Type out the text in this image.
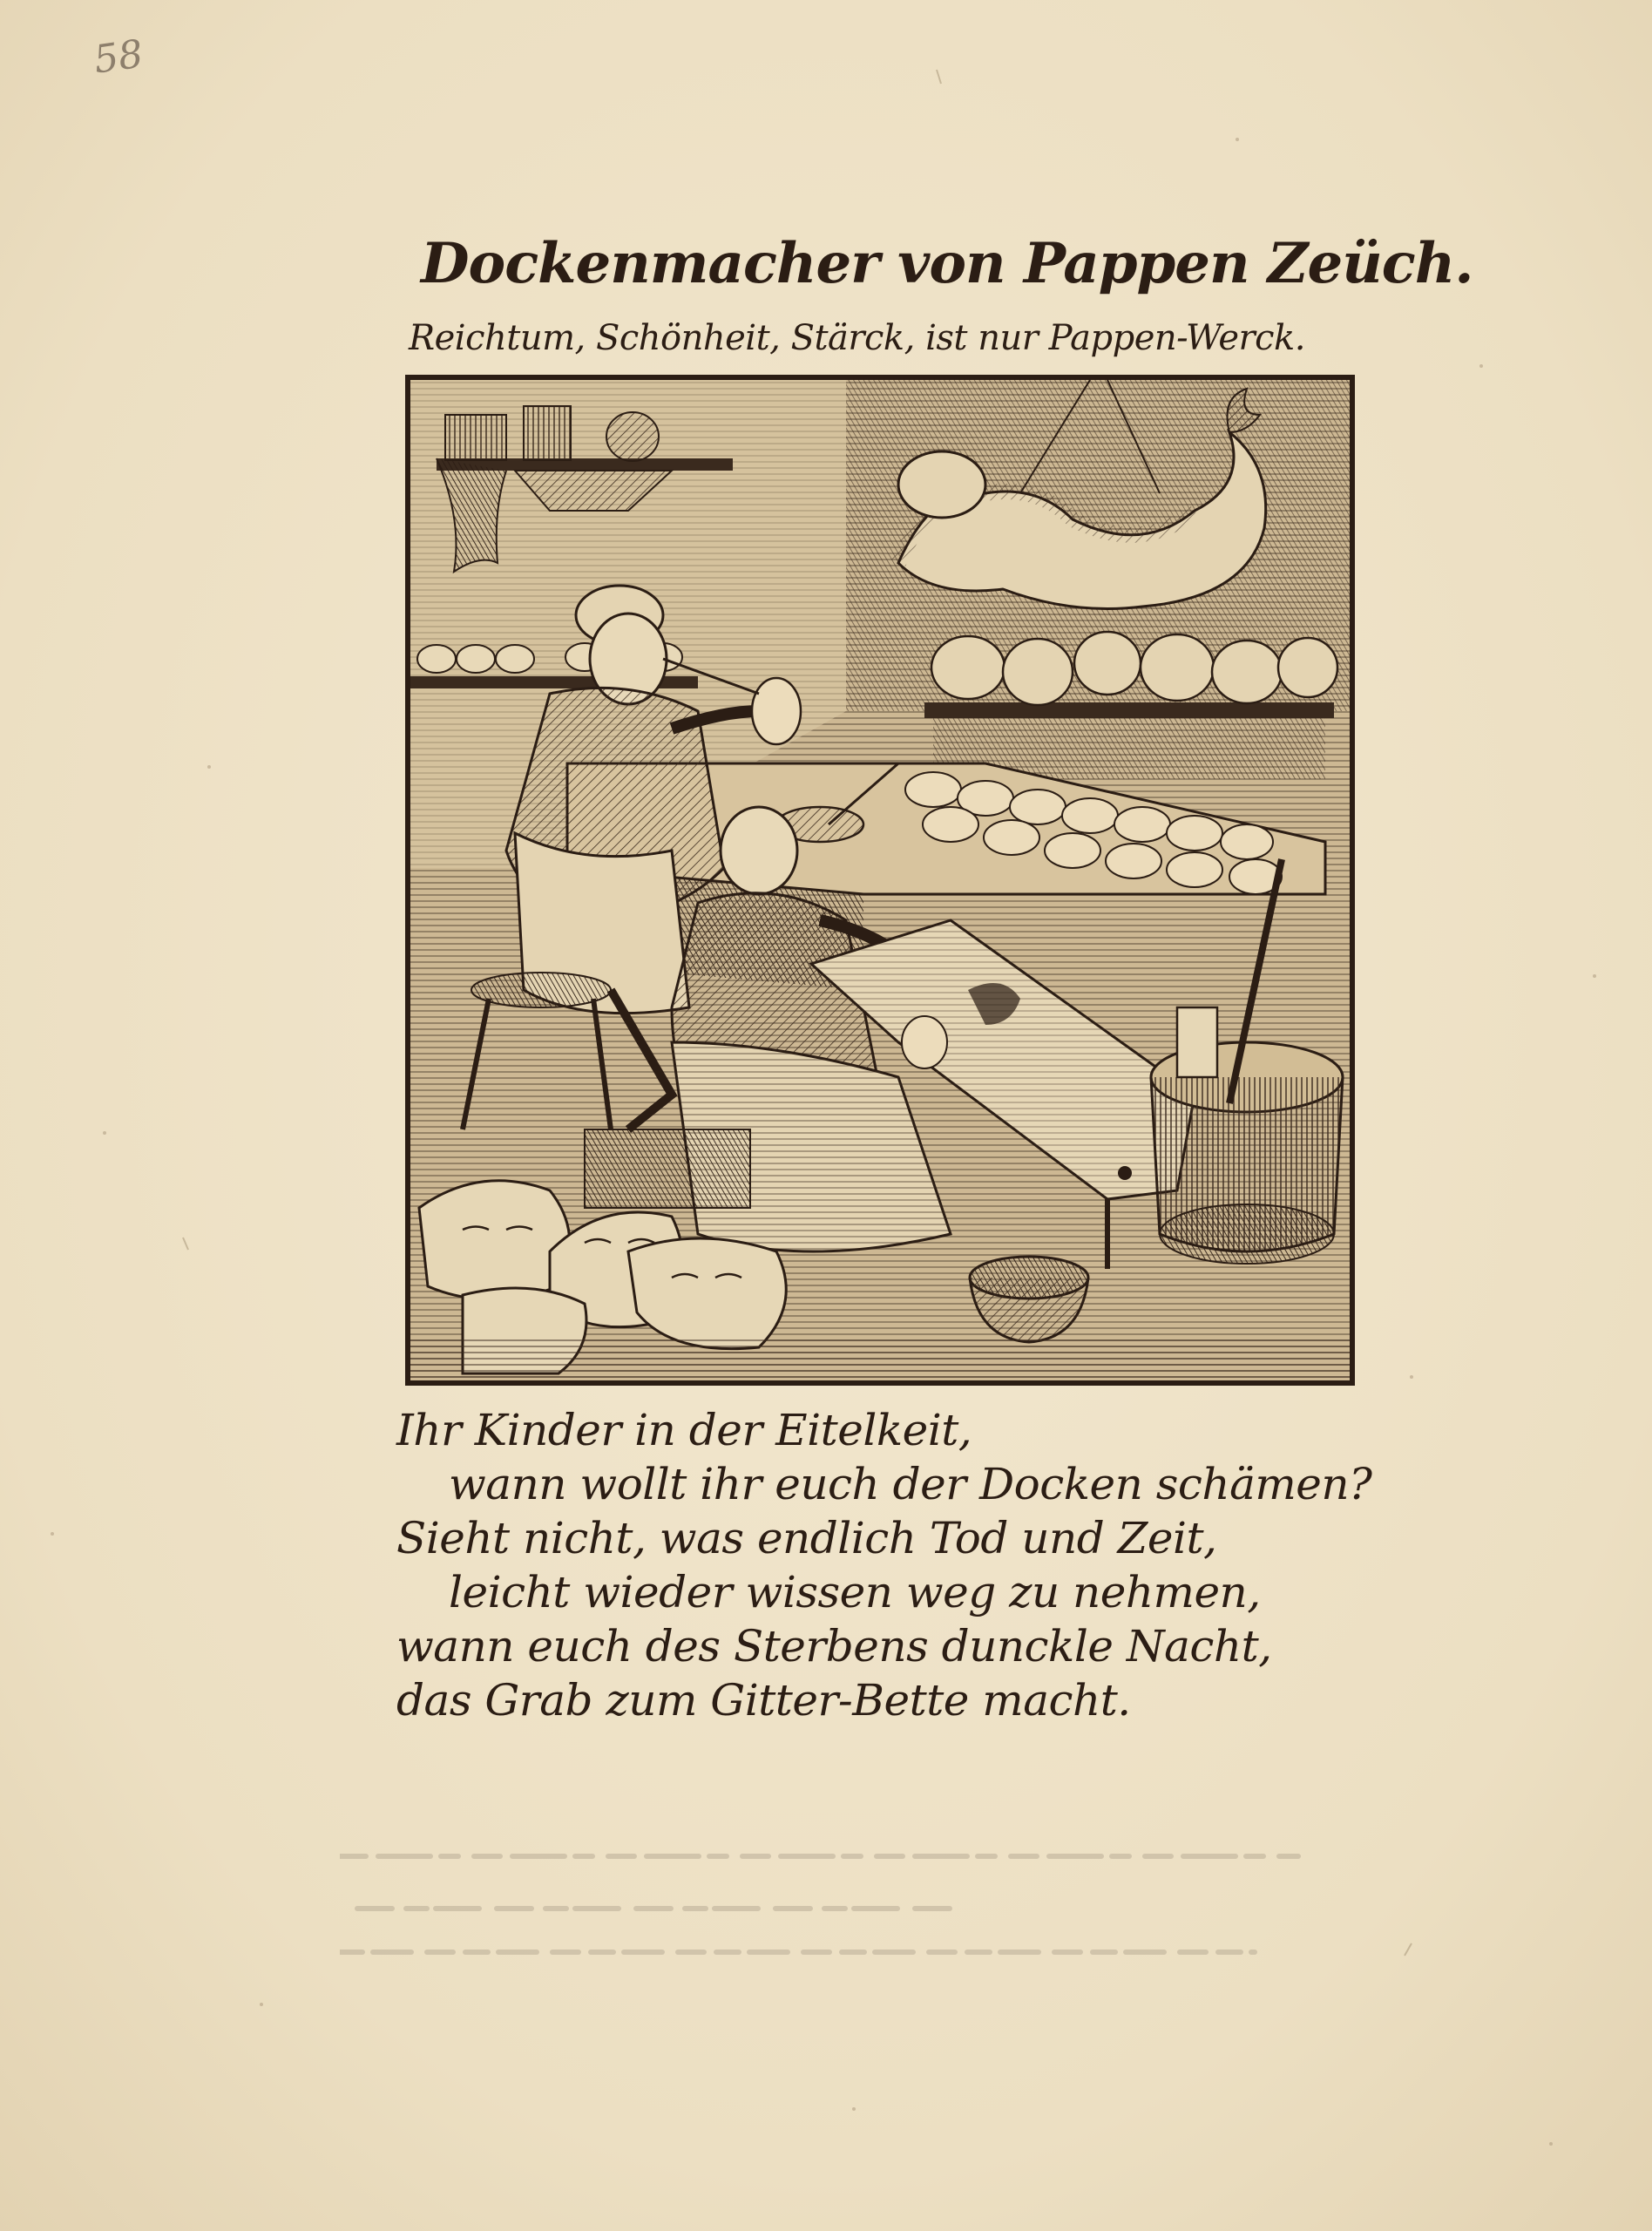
58
Dockenmacher von Pappen Zeüch.
Reichtum, Schönheit, Stärck, ist nur Pappen-Werck.
Ihr Kinder in der Eitelkeit,
wann wollt ihr euch der Docken schämen?
Sieht nicht, was endlich Tod und Zeit,
leicht wieder wissen weg zu nehmen,
wann euch des Sterbens dunckle Nacht,
das Grab zum Gitter-Bette macht.
